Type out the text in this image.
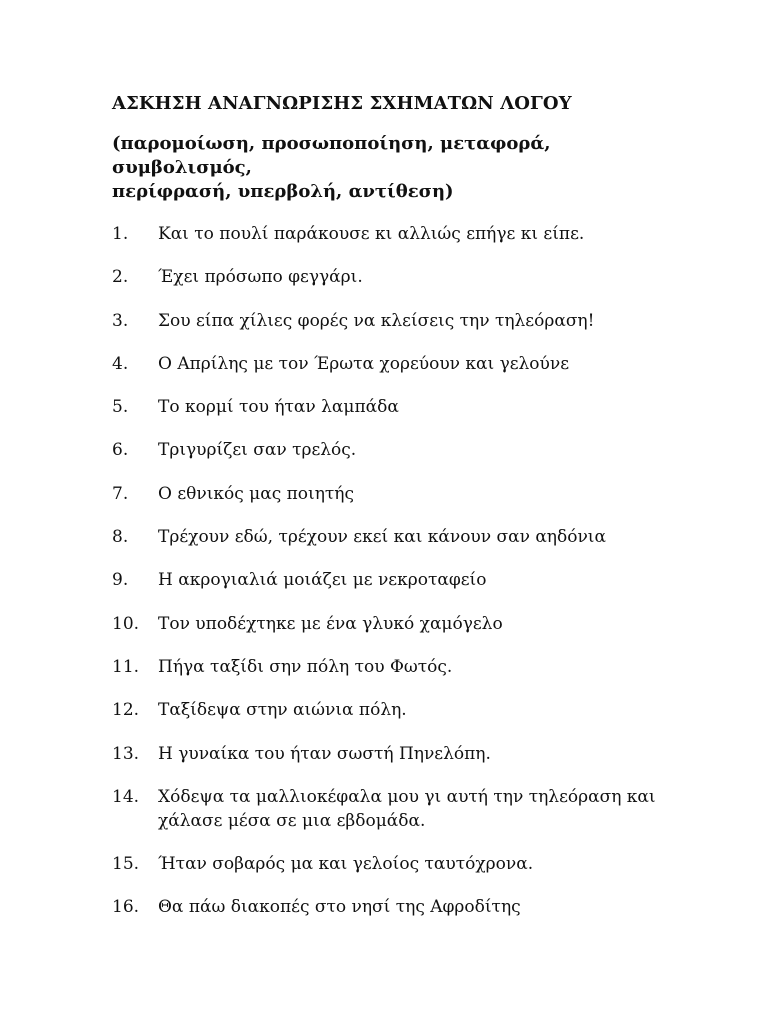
ΑΣΚΗΣΗ ΑΝΑΓΝΩΡΙΣΗΣ ΣΧΗΜΑΤΩΝ ΛΟΓΟΥ
(παρομοίωση, προσωποποίηση, μεταφορά, συμβολισμός,
περίφρασή, υπερβολή, αντίθεση)
1.	Και το πουλί παράκουσε κι αλλιώς επήγε κι είπε.
2.	Έχει πρόσωπο φεγγάρι.
3.	Σου είπα χίλιες φορές να κλείσεις την τηλεόραση!
4.	Ο Απρίλης με τον Έρωτα χορεύουν και γελούνε
5.	Το κορμί του ήταν λαμπάδα
6.	Τριγυρίζει σαν τρελός.
7.	Ο εθνικός μας ποιητής
8.	Τρέχουν εδώ, τρέχουν εκεί και κάνουν σαν αηδόνια
9.	Η ακρογιαλιά μοιάζει με νεκροταφείο
10.	Τον υποδέχτηκε με ένα γλυκό χαμόγελο
11.	Πήγα ταξίδι σην πόλη του Φωτός.
12.	Ταξίδεψα στην αιώνια πόλη.
13.	Η γυναίκα του ήταν σωστή Πηνελόπη.
14.	Χόδεψα τα μαλλιοκέφαλα μου γι αυτή την τηλεόραση και χάλασε μέσα σε μια εβδομάδα.
15.	Ήταν σοβαρός μα και γελοίος ταυτόχρονα.
16.	Θα πάω διακοπές στο νησί της Αφροδίτης
